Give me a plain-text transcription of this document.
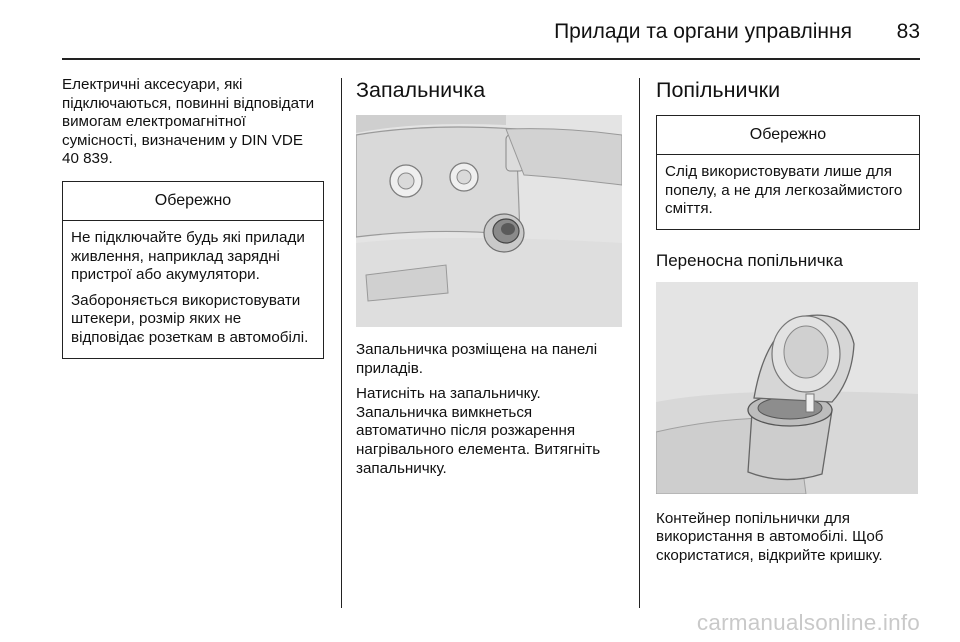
Прилади та органи управління 83

Електричні аксесуари, які підключаються, повинні відповідати вимогам електромагнітної сумісності, визначеним у DIN VDE 40 839.

Обережно

Не підключайте будь які прилади живлення, наприклад зарядні пристрої або акумулятори.

Забороняється використовувати штекери, розмір яких не відповідає розеткам в автомобілі.

Запальничка

Запальничка розміщена на панелі приладів.

Натисніть на запальничку. Запальничка вимкнеться автоматично після розжарення нагрівального елемента. Витягніть запальничку.

Попільнички
Обережно

Слід використовувати лише для попелу, а не для легкозаймистого сміття.

Переносна попільничка

Контейнер попільнички для використання в автомобілі. Щоб скористатися, відкрийте кришку.

carmanualsonline.info
